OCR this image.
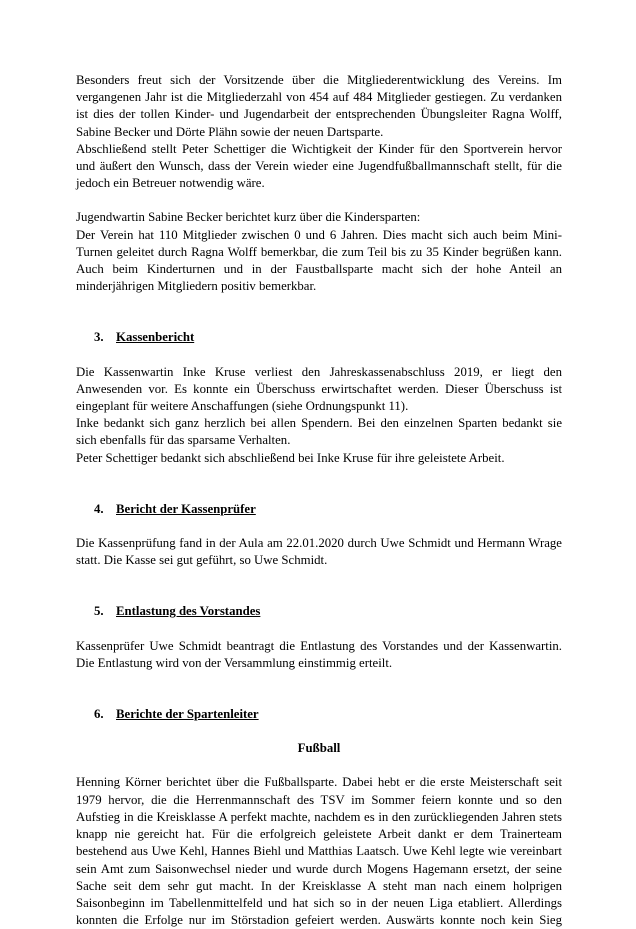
Besonders freut sich der Vorsitzende über die Mitgliederentwicklung des Vereins. Im
vergangenen Jahr ist die Mitgliederzahl von 454 auf 484 Mitglieder gestiegen. Zu verdanken
ist dies der tollen Kinder- und Jugendarbeit der entsprechenden Übungsleiter Ragna Wolff,
Sabine Becker und Dörte Plähn sowie der neuen Dartsparte.

Abschließend stellt Peter Schettiger die Wichtigkeit der Kinder für den Sportverein hervor
und äußert den Wunsch, dass der Verein wieder eine Jugendfußballmannschaft stellt, für die
jedoch ein Betreuer notwendig wäre.

Jugendwartin Sabine Becker berichtet kurz über die Kindersparten:
Der Verein hat 110 Mitglieder zwischen 0 und 6 Jahren. Dies macht sich auch beim Mini-
Turnen geleitet durch Ragna Wolff bemerkbar, die zum Teil bis zu 35 Kinder begrüßen kann.
Auch beim Kinderturnen und in der Faustballsparte macht sich der hohe Anteil an
minderjährigen Mitgliedern positiv bemerkbar.

3. Kassenbericht

Die Kassenwartin Inke Kruse verliest den Jahreskassenabschluss 2019, er liegt den
Anwesenden vor. Es konnte ein Überschuss erwirtschaftet werden. Dieser Überschuss ist
eingeplant für weitere Anschaffungen (siehe Ordnungspunkt 11).

Inke bedankt sich ganz herzlich bei allen Spendern. Bei den einzelnen Sparten bedankt sie
sich ebenfalls für das sparsame Verhalten.

Peter Schettiger bedankt sich abschließend bei Inke Kruse für ihre geleistete Arbeit.

4. Bericht der Kassenprüfer

Die Kassenprüfung fand in der Aula am 22.01.2020 durch Uwe Schmidt und Hermann Wrage
statt. Die Kasse sei gut geführt, so Uwe Schmidt.

5. Entlastung des Vorstandes

Kassenprüfer Uwe Schmidt beantragt die Entlastung des Vorstandes und der Kassenwartin.
Die Entlastung wird von der Versammlung einstimmig erteilt.

6. Berichte der Spartenleiter

Fußball

Henning Körner berichtet über die Fußballsparte. Dabei hebt er die erste Meisterschaft seit
1979 hervor, die die Herrenmannschaft des TSV im Sommer feiern konnte und so den
Aufstieg in die Kreisklasse A perfekt machte, nachdem es in den zurückliegenden Jahren stets
knapp nie gereicht hat. Für die erfolgreich geleistete Arbeit dankt er dem Trainerteam
bestehend aus Uwe Kehl, Hannes Biehl und Matthias Laatsch. Uwe Kehl legte wie vereinbart
sein Amt zum Saisonwechsel nieder und wurde durch Mogens Hagemann ersetzt, der seine
Sache seit dem sehr gut macht. In der Kreisklasse A steht man nach einem holprigen
Saisonbeginn im Tabellenmittelfeld und hat sich so in der neuen Liga etabliert. Allerdings
konnten die Erfolge nur im Störstadion gefeiert werden. Auswärts konnte noch kein Sieg
